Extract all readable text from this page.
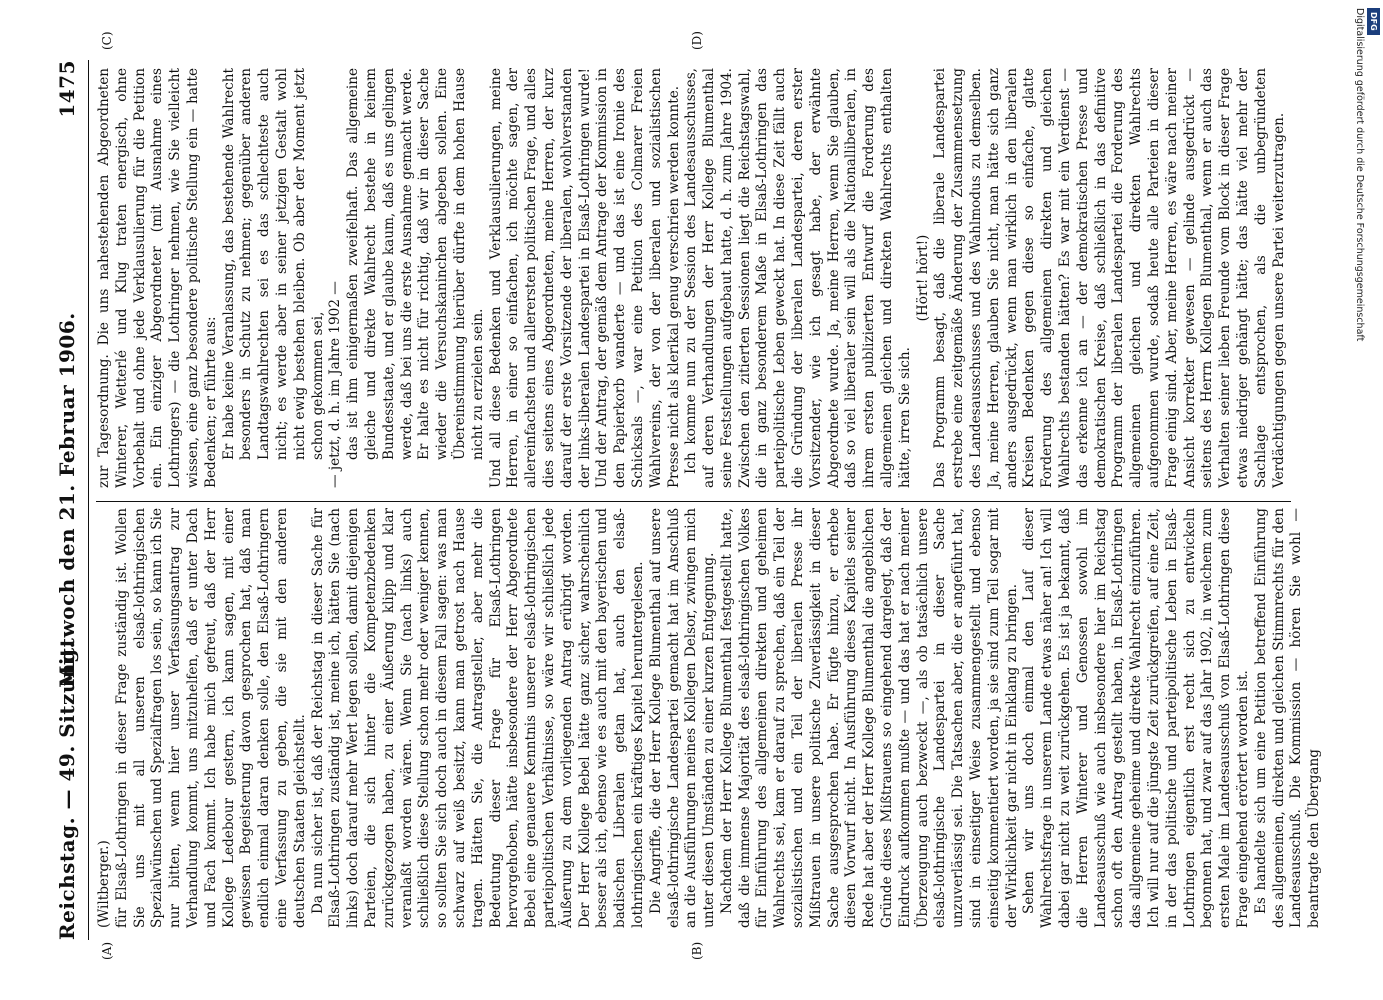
Reichstag. — 49. Sitzung.
Mittwoch den 21. Februar 1906.
1475
(A)	(B)
(C)	(D)

(Wiltberger.) für Elsaß-Lothringen in dieser Frage zuständig ist. Wollen Sie uns mit all unseren elsaß-lothringischen Spezialwünschen und Spezialfragen los sein, so kann ich Sie nur bitten, wenn hier unser Verfassungsantrag zur Verhandlung kommt, uns mitzuhelfen, daß er unter Dach und Fach kommt. Ich habe mich gefreut, daß der Herr Kollege Ledebour gestern, ich kann sagen, mit einer gewissen Begeisterung davon gesprochen hat, daß man endlich einmal daran denken solle, den Elsaß-Lothringern eine Verfassung zu geben, die sie mit den anderen deutschen Staaten gleichstellt. Da nun sicher ist, daß der Reichstag in dieser Sache für Elsaß-Lothringen zuständig ist, meine ich, hätten Sie (nach links) doch darauf mehr Wert legen sollen, damit diejenigen Parteien, die sich hinter die Kompetenzbedenken zurückgezogen haben, zu einer Äußerung klipp und klar veranlaßt worden wären. Wenn Sie (nach links) auch schließlich diese Stellung schon mehr oder weniger kennen, so sollten Sie sich doch auch in diesem Fall sagen: was man schwarz auf weiß besitzt, kann man getrost nach Hause tragen. Hätten Sie, die Antragsteller, aber mehr die Bedeutung dieser Frage für Elsaß-Lothringen hervorgehoben, hätte insbesondere der Herr Abgeordnete Bebel eine genauere Kenntnis unserer elsaß-lothringischen parteipolitischen Verhältnisse, so wäre wir schließlich jede Äußerung zu dem vorliegenden Antrag erübrigt worden. Der Herr Kollege Bebel hätte ganz sicher, wahrscheinlich besser als ich, ebenso wie es auch mit den bayerischen und badischen Liberalen getan hat, auch den elsaß-lothringischen ein kräftiges Kapitel heruntergelesen. Die Angriffe, die der Herr Kollege Blumenthal auf unsere elsaß-lothringische Landespartei gemacht hat im Anschluß an die Ausführungen meines Kollegen Delsor, zwingen mich unter diesen Umständen zu einer kurzen Entgegnung. Nachdem der Herr Kollege Blumenthal festgestellt hatte, daß die immense Majorität des elsaß-lothringischen Volkes für Einführung des allgemeinen direkten und geheimen Wahlrechts sei, kam er darauf zu sprechen, daß ein Teil der sozialistischen und ein Teil der liberalen Presse ihr Mißtrauen in unsere politische Zuverlässigkeit in dieser Sache ausgesprochen habe. Er fügte hinzu, er erhebe diesen Vorwurf nicht. In Ausführung dieses Kapitels seiner Rede hat aber der Herr Kollege Blumenthal die angeblichen Gründe dieses Mißtrauens so eingehend dargelegt, daß der Eindruck aufkommen mußte — und das hat er nach meiner Überzeugung auch bezweckt —, als ob tatsächlich unsere elsaß-lothringische Landespartei in dieser Sache unzuverlässig sei. Die Tatsachen aber, die er angeführt hat, sind in einseitiger Weise zusammengestellt und ebenso einseitig kommentiert worden, ja sie sind zum Teil sogar mit der Wirklichkeit gar nicht in Einklang zu bringen. Sehen wir uns doch einmal den Lauf dieser Wahlrechtsfrage in unserem Lande etwas näher an! Ich will dabei gar nicht zu weit zurückgehen. Es ist ja bekannt, daß die Herren Winterer und Genossen sowohl im Landesausschuß wie auch insbesondere hier im Reichstag schon oft den Antrag gestellt haben, in Elsaß-Lothringen das allgemeine geheime und direkte Wahlrecht einzuführen. Ich will nur auf die jüngste Zeit zurückgreifen, auf eine Zeit, in der das politische und parteipolitische Leben in Elsaß-Lothringen eigentlich erst recht sich zu entwickeln begonnen hat, und zwar auf das Jahr 1902, in welchem zum ersten Male im Landesausschuß von Elsaß-Lothringen diese Frage eingehend erörtert worden ist. Es handelte sich um eine Petition betreffend Einführung des allgemeinen, direkten und gleichen Stimmrechts für den Landesausschuß. Die Kommission — hören Sie wohl — beantragte den Übergang

zur Tagesordnung. Die uns nahestehenden Abgeordneten Winterer, Wetterlé und Klug traten energisch, ohne Vorbehalt und ohne jede Verklausulierung für die Petition ein. Ein einziger Abgeordneter (mit Ausnahme eines Lothringers) — die Lothringer nehmen, wie Sie vielleicht wissen, eine ganz besondere politische Stellung ein — hatte Bedenken; er führte aus: Er habe keine Veranlassung, das bestehende Wahlrecht besonders in Schutz zu nehmen; gegenüber anderen Landtagswahlrechten sei es das schlechteste auch nicht; es werde aber in seiner jetzigen Gestalt wohl nicht ewig bestehen bleiben. Ob aber der Moment jetzt schon gekommen sei, — jetzt, d. h. im Jahre 1902 — das ist ihm einigermaßen zweifelhaft. Das allgemeine gleiche und direkte Wahlrecht bestehe in keinem Bundesstaate, und er glaube kaum, daß es uns gelingen werde, daß bei uns die erste Ausnahme gemacht werde. Er halte es nicht für richtig, daß wir in dieser Sache wieder die Versuchskaninchen abgeben sollen. Eine Übereinstimmung hierüber dürfte in dem hohen Hause nicht zu erzielen sein. Und all diese Bedenken und Verklausulierungen, meine Herren, in einer so einfachen, ich möchte sagen, der allereinfachsten und allerersten politischen Frage, und alles dies seitens eines Abgeordneten, meine Herren, der kurz darauf der erste Vorsitzende der liberalen, wohlverstanden der links-liberalen Landespartei in Elsaß-Lothringen wurde! Und der Antrag, der gemäß dem Antrage der Kommission in den Papierkorb wanderte — und das ist eine Ironie des Schicksals —, war eine Petition des Colmarer Freien Wahlvereins, der von der liberalen und sozialistischen Presse nicht als klerikal genug verschrien werden konnte. Ich komme nun zu der Session des Landesausschusses, auf deren Verhandlungen der Herr Kollege Blumenthal seine Feststellungen aufgebaut hatte, d. h. zum Jahre 1904. Zwischen den zitierten Sessionen liegt die Reichstagswahl, die in ganz besonderem Maße in Elsaß-Lothringen das parteipolitische Leben geweckt hat. In diese Zeit fällt auch die Gründung der liberalen Landespartei, deren erster Vorsitzender, wie ich gesagt habe, der erwähnte Abgeordnete wurde. Ja, meine Herren, wenn Sie glauben, daß so viel liberaler sein will als die Nationalliberalen, in ihrem ersten publizierten Entwurf die Forderung des allgemeinen gleichen und direkten Wahlrechts enthalten hätte, irren Sie sich.

(Hört! hört!) Das Programm besagt, daß die liberale Landespartei erstrebe eine zeitgemäße Änderung der Zusammensetzung des Landesausschusses und des Wahlmodus zu demselben. Ja, meine Herren, glauben Sie nicht, man hätte sich ganz anders ausgedrückt, wenn man wirklich in den liberalen Kreisen Bedenken gegen diese so einfache, glatte Forderung des allgemeinen direkten und gleichen Wahlrechts bestanden hätten? Es war mit ein Verdienst — das erkenne ich an — der demokratischen Presse und demokratischen Kreise, daß schließlich in das definitive Programm der liberalen Landespartei die Forderung des allgemeinen gleichen und direkten Wahlrechts aufgenommen wurde, sodaß heute alle Parteien in dieser Frage einig sind. Aber, meine Herren, es wäre nach meiner Ansicht korrekter gewesen — gelinde ausgedrückt — seitens des Herrn Kollegen Blumenthal, wenn er auch das Verhalten seiner lieben Freunde vom Block in dieser Frage etwas niedriger gehängt hätte; das hätte viel mehr der Sachlage entsprochen, als die unbegründeten Verdächtigungen gegen unsere Partei weiterzutragen.

DFG
Digitalisierung gefördert durch die Deutsche Forschungsgemeinschaft
